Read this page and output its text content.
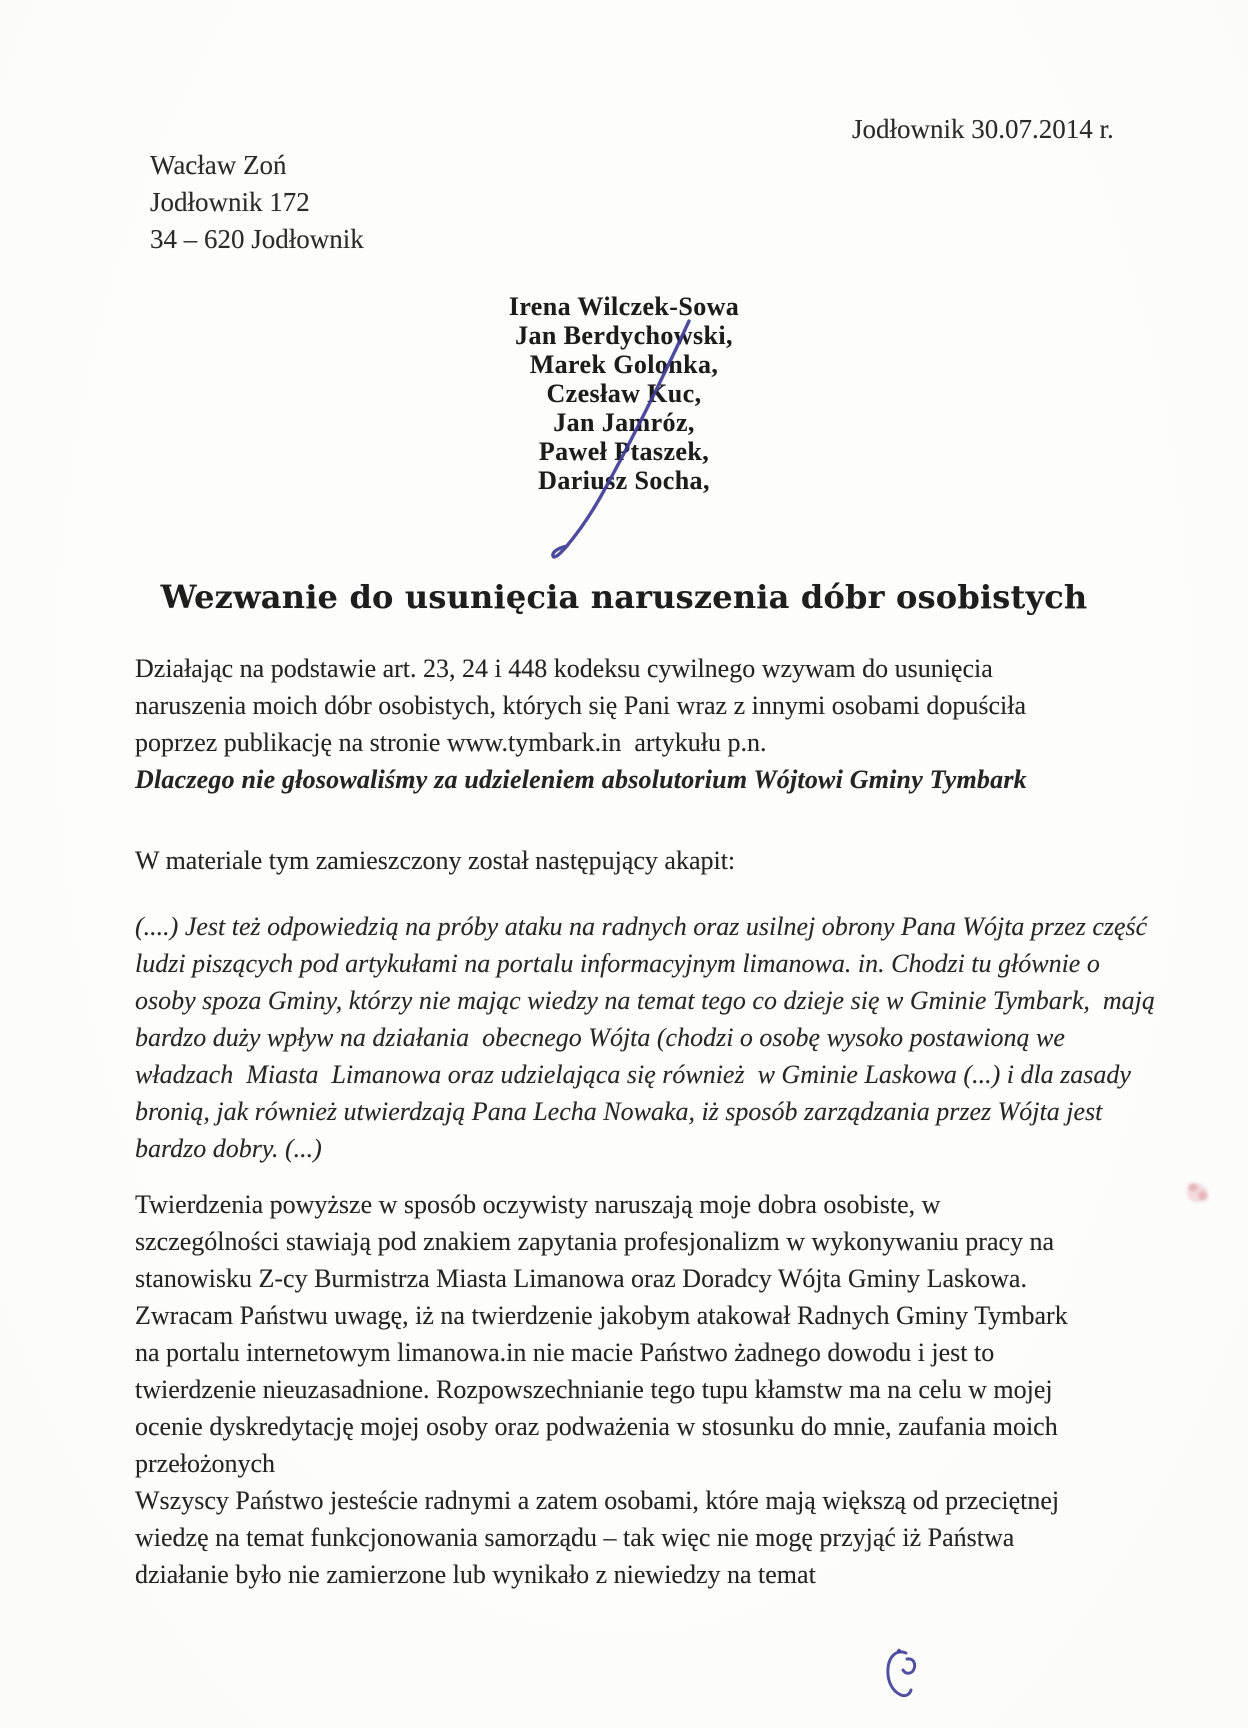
Jodłownik 30.07.2014 r.
Wacław Zoń
Jodłownik 172
34 – 620 Jodłownik
Irena Wilczek-Sowa
Jan Berdychowski,
Marek Golonka,
Czesław Kuc,
Jan Jamróz,
Paweł Ptaszek,
Dariusz Socha,
Wezwanie do usunięcia naruszenia dóbr osobistych

Działając na podstawie art. 23, 24 i 448 kodeksu cywilnego wzywam do usunięcia naruszenia moich dóbr osobistych, których się Pani wraz z innymi osobami dopuściła poprzez publikację na stronie www.tymbark.in  artykułu p.n.

Dlaczego nie głosowaliśmy za udzieleniem absolutorium Wójtowi Gminy Tymbark

W materiale tym zamieszczony został następujący akapit:

(....) Jest też odpowiedzią na próby ataku na radnych oraz usilnej obrony Pana Wójta przez część ludzi piszących pod artykułami na portalu informacyjnym limanowa. in. Chodzi tu głównie o  osoby spoza Gminy, którzy nie mając wiedzy na temat tego co dzieje się w Gminie Tymbark,  mają bardzo duży wpływ na działania  obecnego Wójta (chodzi o osobę wysoko postawioną we władzach  Miasta  Limanowa oraz udzielająca się również  w Gminie Laskowa (...) i dla zasady bronią, jak również utwierdzają Pana Lecha Nowaka, iż sposób zarządzania przez Wójta jest bardzo dobry. (...)

Twierdzenia powyższe w sposób oczywisty naruszają moje dobra osobiste, w szczególności stawiają pod znakiem zapytania profesjonalizm w wykonywaniu pracy na stanowisku Z-cy Burmistrza Miasta Limanowa oraz Doradcy Wójta Gminy Laskowa. Zwracam Państwu uwagę, iż na twierdzenie jakobym atakował Radnych Gminy Tymbark na portalu internetowym limanowa.in nie macie Państwo żadnego dowodu i jest to twierdzenie nieuzasadnione. Rozpowszechnianie tego tupu kłamstw ma na celu w mojej ocenie dyskredytację mojej osoby oraz podważenia w stosunku do mnie, zaufania moich przełożonych

Wszyscy Państwo jesteście radnymi a zatem osobami, które mają większą od przeciętnej wiedzę na temat funkcjonowania samorządu – tak więc nie mogę przyjąć iż Państwa działanie było nie zamierzone lub wynikało z niewiedzy na temat
